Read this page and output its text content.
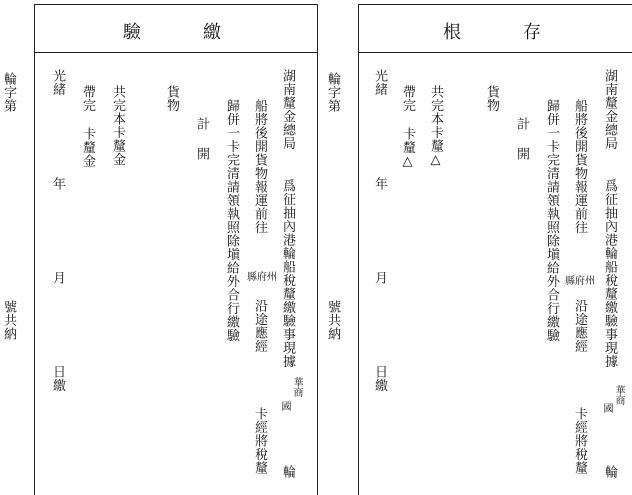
輪字第
號共納
驗	繳
湖南釐金總局
爲征抽內港輪船稅釐繳驗事現據
華商
國
輪
船將後開貨物報運前往
縣府州
沿途應經
卡經將稅釐
歸併一卡完清請領執照除塡給外合行繳驗
計
開
貨物
共完本卡釐金
帶完
卡釐金
光緒
年
月
日繳
輪字第
號共納
根	存
湖南釐金總局
爲征抽內港輪船稅釐繳驗事現據
華商
國
輪
船將後開貨物報運前往
縣府州
沿途應經
卡經將稅釐
歸併一卡完清請領執照除塡給外合行繳驗
計
開
貨物
共完本卡釐△
帶完
卡釐△
光緒
年
月
日繳
